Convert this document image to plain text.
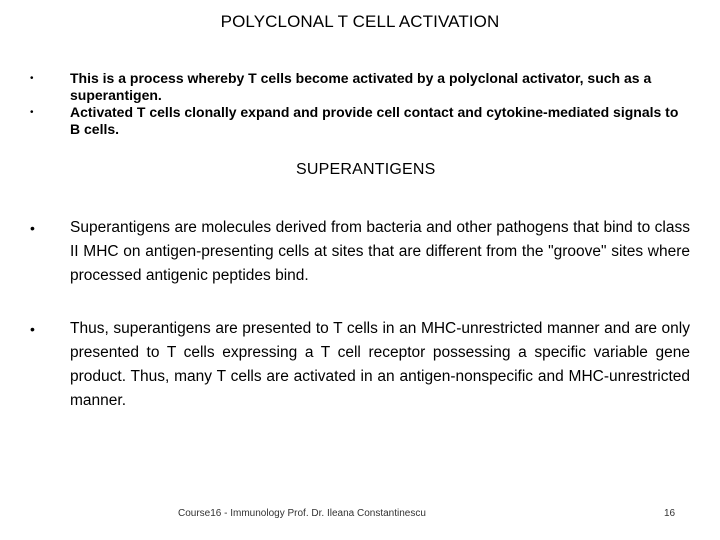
POLYCLONAL T CELL ACTIVATION
•	This is a process whereby T cells become activated by a polyclonal activator, such as a superantigen.
•	Activated T cells clonally expand and provide cell contact and cytokine-mediated signals to B cells.
SUPERANTIGENS
• Superantigens are molecules derived from bacteria and other pathogens that bind to class II MHC on antigen-presenting cells at sites that are different from the "groove" sites where processed antigenic peptides bind.
• Thus, superantigens are presented to T cells in an MHC-unrestricted manner and are only presented to T cells expressing a T cell receptor possessing a specific variable gene product. Thus, many T cells are activated in an antigen-nonspecific and MHC-unrestricted manner.
Course16 - Immunology Prof. Dr. Ileana Constantinescu	16
